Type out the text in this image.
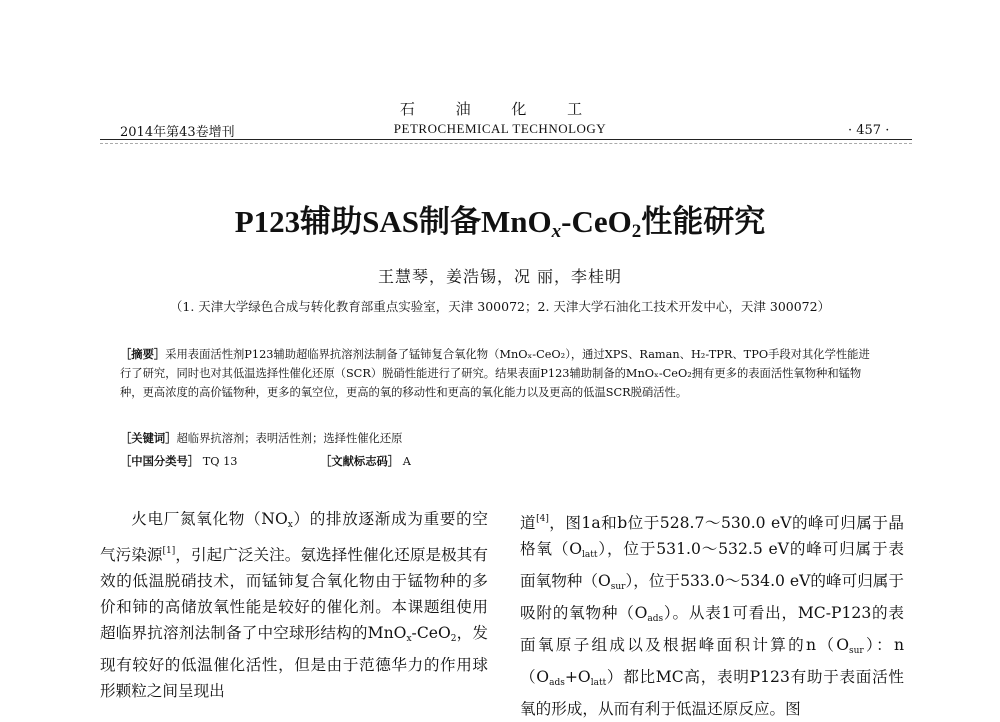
石 油 化 工
2014年第43卷增刊	PETROCHEMICAL TECHNOLOGY	· 457 ·
P123辅助SAS制备MnO$_x$-CeO$_2$性能研究
王慧琴，姜浩锡，况 丽，李桂明
（1. 天津大学绿色合成与转化教育部重点实验室，天津 300072；2. 天津大学石油化工技术开发中心，天津 300072）

［摘要］采用表面活性剂P123辅助超临界抗溶剂法制备了锰铈复合氧化物（MnOₓ-CeO₂），通过XPS、Raman、H₂-TPR、TPO手段对其化学性能进行了研究，同时也对其低温选择性催化还原（SCR）脱硝性能进行了研究。结果表面P123辅助制备的MnOₓ-CeO₂拥有更多的表面活性氧物种和锰物种，更高浓度的高价锰物种，更多的氧空位，更高的氧的移动性和更高的氧化能力以及更高的低温SCR脱硝活性。

［关键词］超临界抗溶剂；表明活性剂；选择性催化还原
［中国分类号］ TQ 13	［文献标志码］ A

火电厂氮氧化物$(NO_x)$的排放逐渐成为重要的空气污染源[1]，引起广泛关注。氨选择性催化还原是极其有效的低温脱硝技术，而锰铈复合氧化物由于锰物种的多价和铈的高储放氧性能是较好的催化剂。本课题组使用超临界抗溶剂法制备了中空球形结构的MnO$_x$-CeO$_2$，发现有较好的低温催化活性，但是由于范德华力的作用球形颗粒之间呈现出

道[4]，图1a和b位于528.7～530.0 eV的峰可归属于晶格氧$(O_{latt})$，位于531.0～532.5 eV的峰可归属于表面氧物种$(O_{sur})$，位于533.0～534.0 eV的峰可归属于吸附的氧物种$(O_{ads})$。从表1可看出，MC-P123的表面氧原子组成以及根据峰面积计算的$n(O_{sur})$：$n(O_{ads}+O_{latt})$都比MC高，表明P123有助于表面活性氧的形成，从而有利于低温还原反应。图
